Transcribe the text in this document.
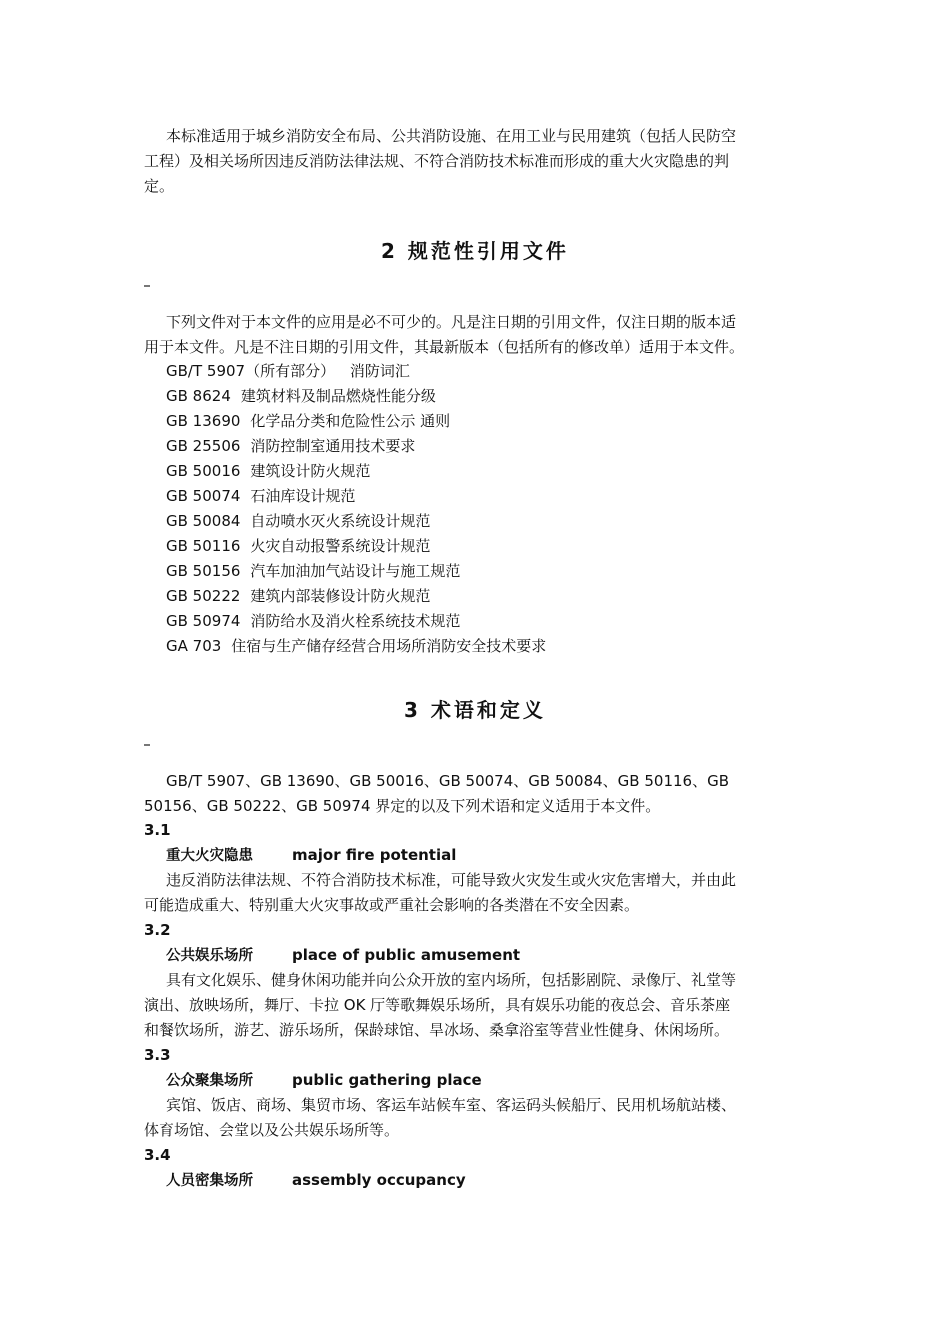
本标准适用于城乡消防安全布局、公共消防设施、在用工业与民用建筑（包括人民防空
工程）及相关场所因违反消防法律法规、不符合消防技术标准而形成的重大火灾隐患的判
定。

2 规范性引用文件

下列文件对于本文件的应用是必不可少的。凡是注日期的引用文件，仅注日期的版本适
用于本文件。凡是不注日期的引用文件，其最新版本（包括所有的修改单）适用于本文件。

GB/T 5907（所有部分） 消防词汇
GB 8624 建筑材料及制品燃烧性能分级
GB 13690 化学品分类和危险性公示 通则
GB 25506 消防控制室通用技术要求
GB 50016 建筑设计防火规范
GB 50074 石油库设计规范
GB 50084 自动喷水灭火系统设计规范
GB 50116 火灾自动报警系统设计规范
GB 50156 汽车加油加气站设计与施工规范
GB 50222 建筑内部装修设计防火规范
GB 50974 消防给水及消火栓系统技术规范
GA 703 住宿与生产储存经营合用场所消防安全技术要求
3 术语和定义

GB/T 5907、GB 13690、GB 50016、GB 50074、GB 50084、GB 50116、GB
50156、GB 50222、GB 50974 界定的以及下列术语和定义适用于本文件。

3.1

重大火灾隐患	major fire potential

违反消防法律法规、不符合消防技术标准，可能导致火灾发生或火灾危害增大，并由此
可能造成重大、特别重大火灾事故或严重社会影响的各类潜在不安全因素。

3.2

公共娱乐场所	place of public amusement

具有文化娱乐、健身休闲功能并向公众开放的室内场所，包括影剧院、录像厅、礼堂等
演出、放映场所，舞厅、卡拉 OK 厅等歌舞娱乐场所，具有娱乐功能的夜总会、音乐茶座
和餐饮场所，游艺、游乐场所，保龄球馆、旱冰场、桑拿浴室等营业性健身、休闲场所。

3.3

公众聚集场所	public gathering place

宾馆、饭店、商场、集贸市场、客运车站候车室、客运码头候船厅、民用机场航站楼、
体育场馆、会堂以及公共娱乐场所等。

3.4

人员密集场所	assembly occupancy
